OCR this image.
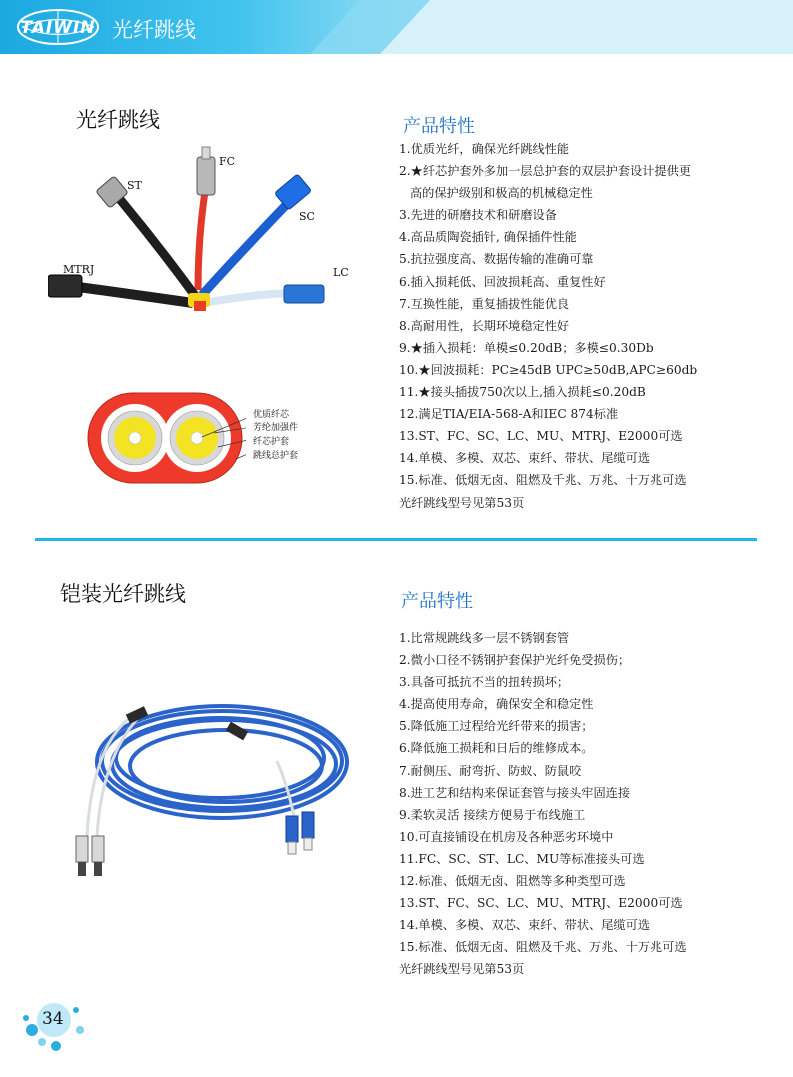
TAIWIN 光纤跳线
光纤跳线
FC
ST
SC
MTRJ	LC
优质纤芯
芳纶加强件
纤芯护套
跳线总护套
产品特性
1.优质光纤，确保光纤跳线性能
2.★纤芯护套外多加一层总护套的双层护套设计提供更
高的保护级别和极高的机械稳定性
3.先进的研磨技术和研磨设备
4.高品质陶瓷插针, 确保插件性能
5.抗拉强度高、数据传输的准确可靠
6.插入损耗低、回波损耗高、重复性好
7.互换性能，重复插拔性能优良
8.高耐用性，长期环境稳定性好
9.★插入损耗：单模≤0.20dB；多模≤0.30Db
10.★回波损耗：PC≥45dB UPC≥50dB,APC≥60db
11.★接头插拔750次以上,插入损耗≤0.20dB
12.满足TIA/EIA-568-A和IEC 874标准
13.ST、FC、SC、LC、MU、MTRJ、E2000可选
14.单模、多模、双芯、束纤、带状、尾缆可选
15.标准、低烟无卤、阻燃及千兆、万兆、十万兆可选
光纤跳线型号见第53页
铠装光纤跳线	产品特性
1.比常规跳线多一层不锈钢套管
2.微小口径不锈钢护套保护光纤免受损伤；
3.具备可抵抗不当的扭转损坏；
4.提高使用寿命，确保安全和稳定性
5.降低施工过程给光纤带来的损害；
6.降低施工损耗和日后的维修成本。
7.耐侧压、耐弯折、防蚁、防鼠咬
8.进工艺和结构来保证套管与接头牢固连接
9.柔软灵活 接续方便易于布线施工
10.可直接铺设在机房及各种恶劣环境中
11.FC、SC、ST、LC、MU等标准接头可选
12.标准、低烟无卤、阻燃等多种类型可选
13.ST、FC、SC、LC、MU、MTRJ、E2000可选
14.单模、多模、双芯、束纤、带状、尾缆可选
15.标准、低烟无卤、阻燃及千兆、万兆、十万兆可选
光纤跳线型号见第53页
34
